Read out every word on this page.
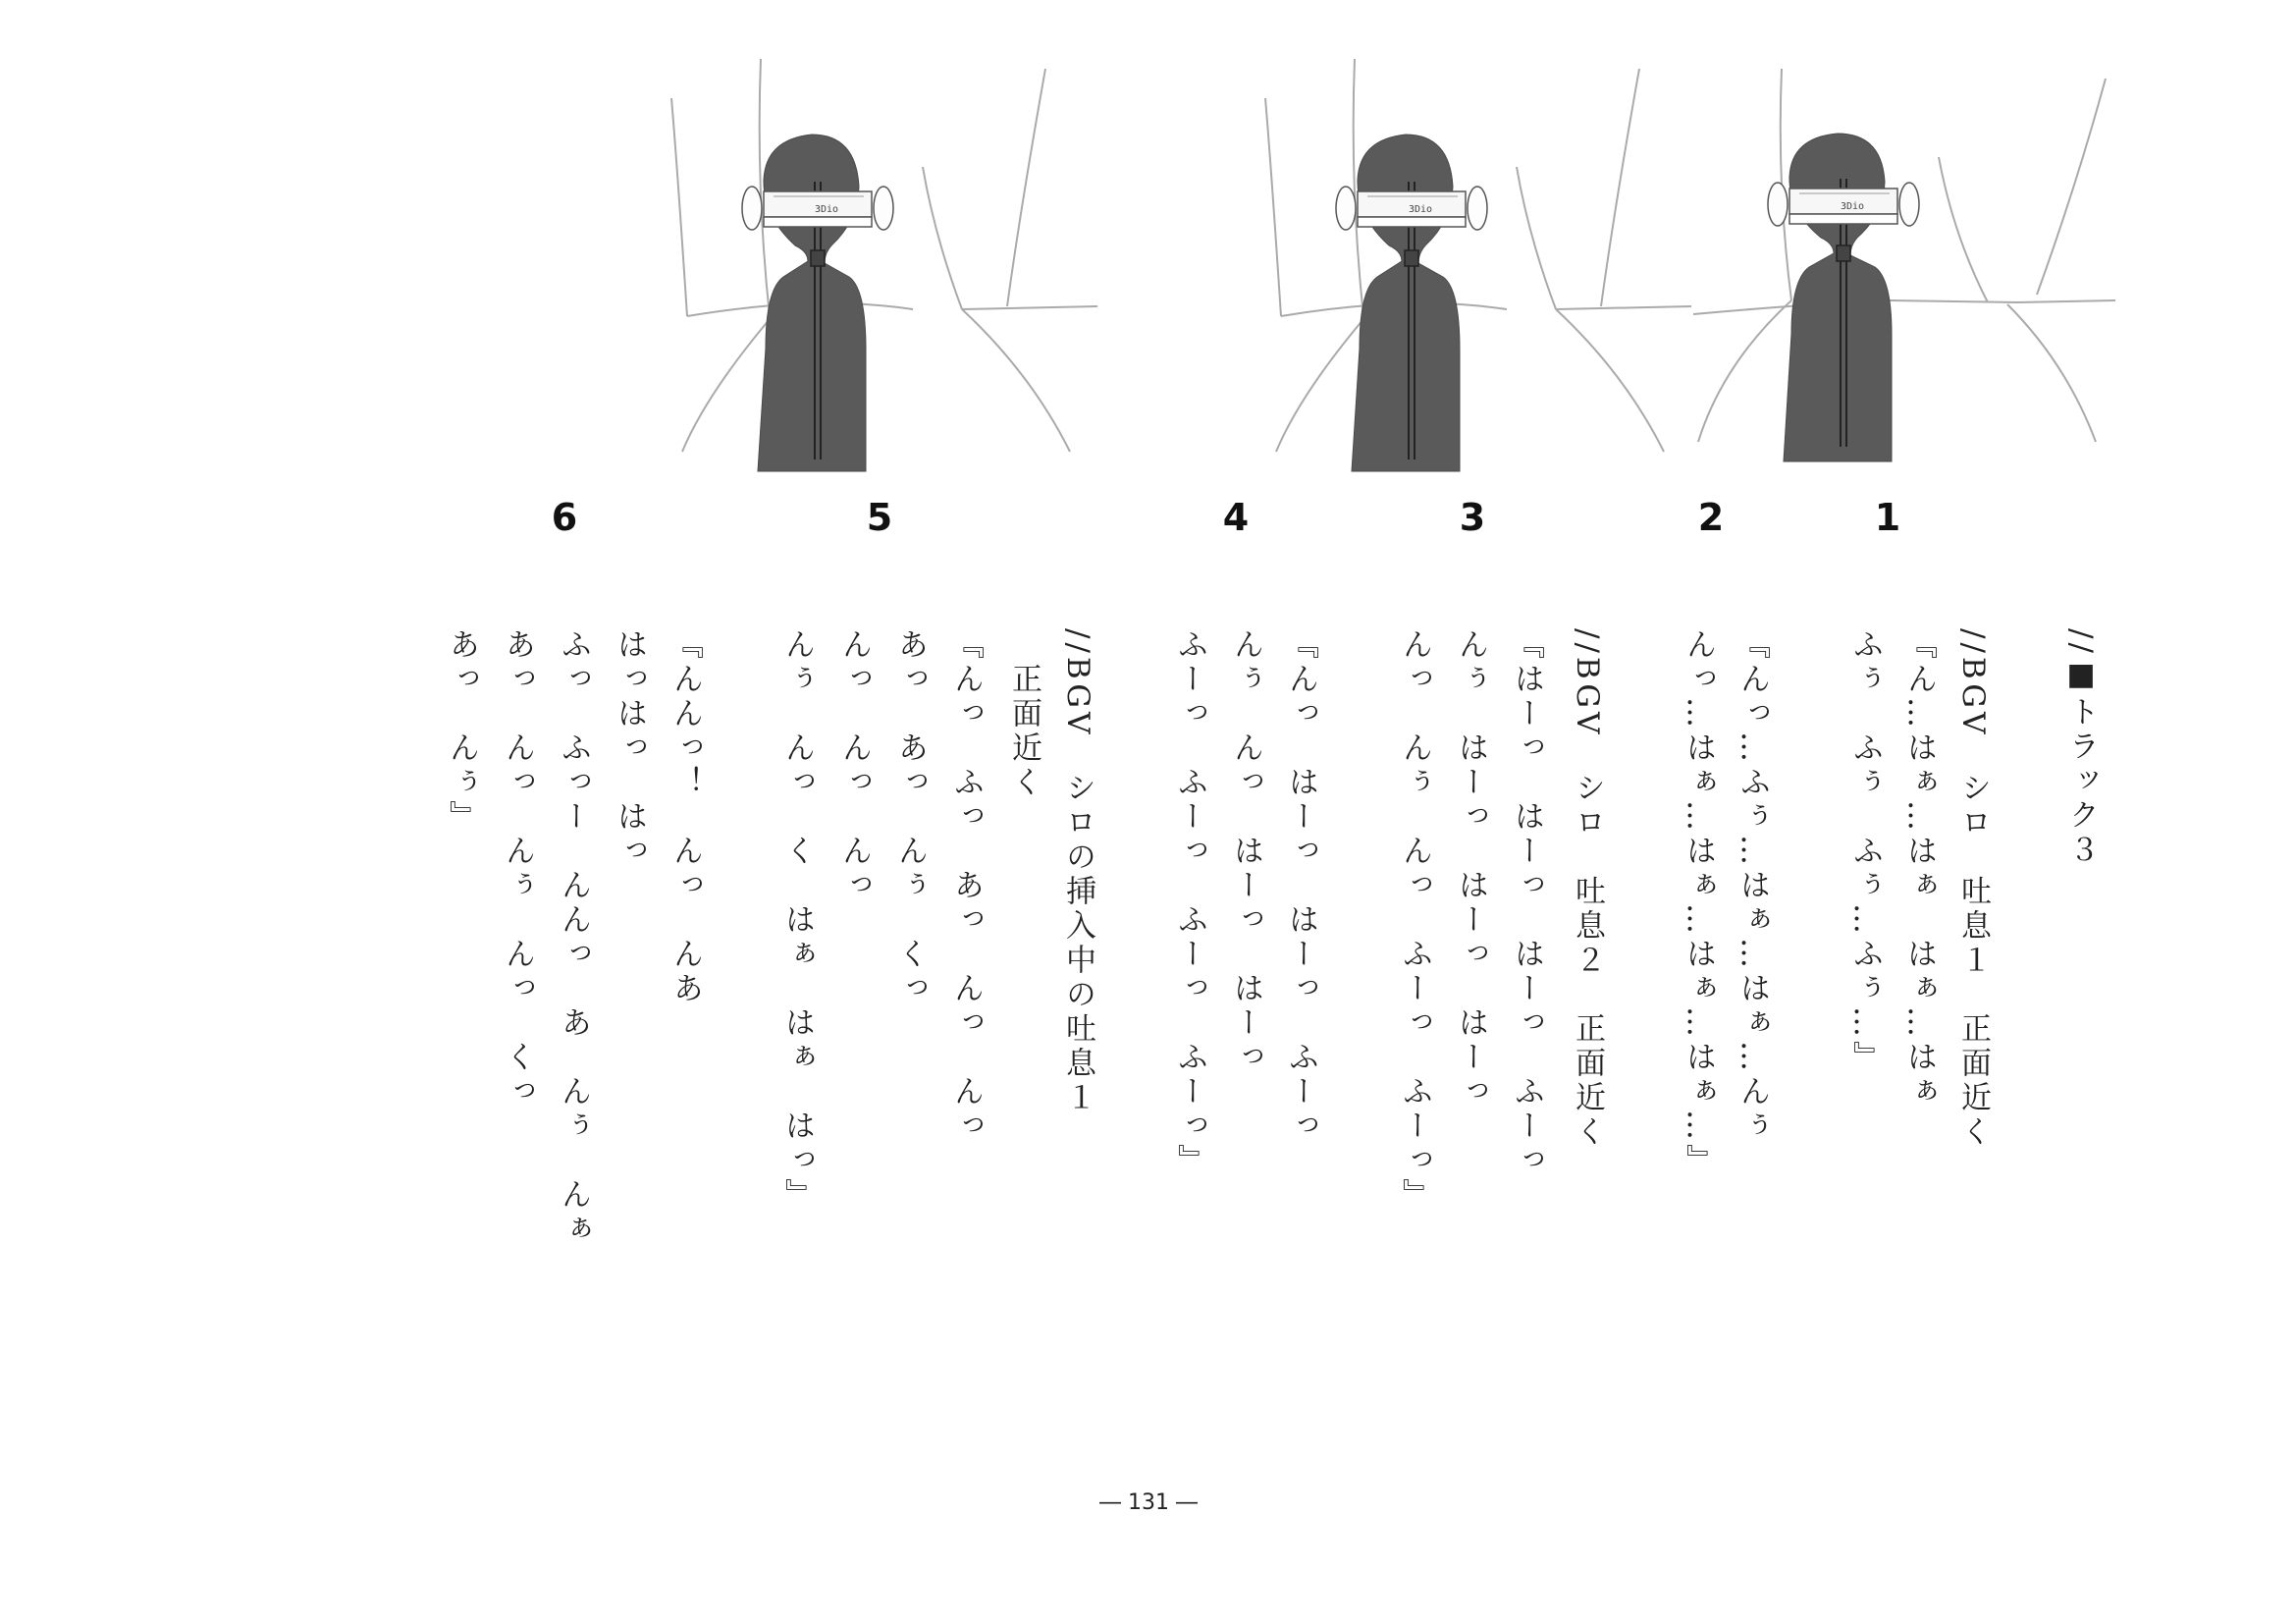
3Dio	3Dio	3Dio
6	5	4	3	2	1
//■トラック３
//BGV　シロ　吐息１　正面近く
『ん…はぁ…はぁ　はぁ…はぁ
ふぅ　ふぅ　ふぅ…ふぅ…』
『んっ…ふぅ…はぁ…はぁ…んぅ
んっ…はぁ…はぁ…はぁ…はぁ…』
//BGV　シロ　吐息２　正面近く
『はーっ　はーっ　はーっ　ふーっ
んぅ　はーっ　はーっ　はーっ
んっ　んぅ　んっ　ふーっ　ふーっ』
『んっ　はーっ　はーっ　ふーっ
んぅ　んっ　はーっ　はーっ
ふーっ　ふーっ　ふーっ　ふーっ』
//BGV　シロの挿入中の吐息１
　正面近く
『んっ　ふっ　あっ　んっ　んっ
あっ　あっ　んぅ　くっ
んっ　んっ　んっ
んぅ　んっ　く　はぁ　はぁ　はっ』
『んんっ！　んっ　んあ
はっはっ　はっ
ふっ　ふっー　んんっ　あ　んぅ　んぁ
あっ　んっ　んぅ　んっ　くっ
あっ　んぅ』
― 131 ―
